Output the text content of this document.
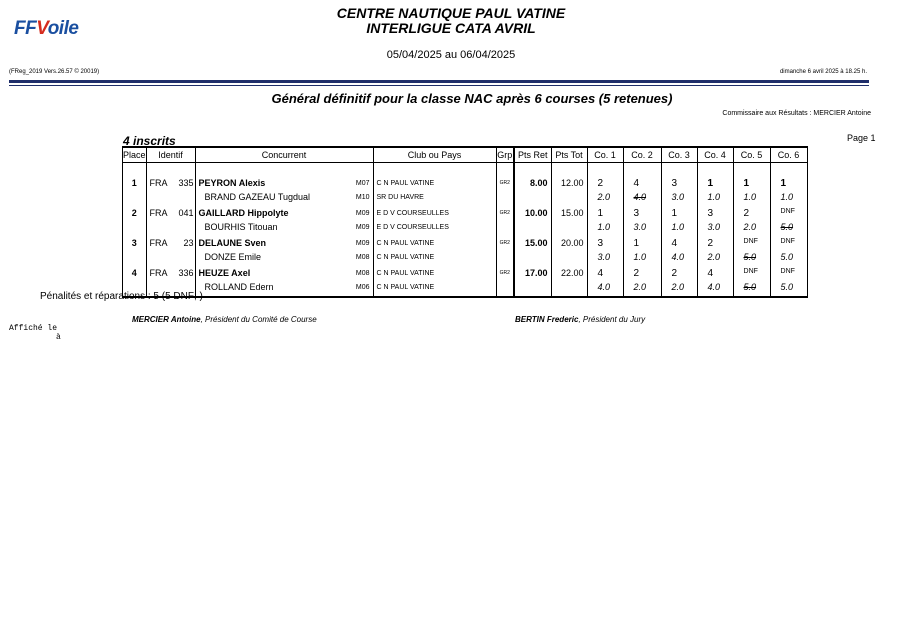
FFVoile
CENTRE NAUTIQUE PAUL VATINE
INTERLIGUE CATA AVRIL
05/04/2025 au 06/04/2025
(FReg_2019 Vers.26.57 © 20019)	dimanche 6 avril 2025 à 18.25 h.
Général définitif pour la classe NAC après 6 courses (5 retenues)
Commissaire aux Résultats : MERCIER Antoine
Page 1
4 inscrits
Place	Identif	Concurrent	Club ou Pays	Grp	Pts Ret	Pts Tot	Co. 1	Co. 2	Co. 3	Co. 4	Co. 5	Co. 6

1	FRA 335	PEYRON Alexis M07	C N PAUL VATINE	GR2	8.00	12.00	2	4	3	1	1	1
		BRAND GAZEAU Tugdual M10	SR DU HAVRE				2.0	4.0	3.0	1.0	1.0	1.0
2	FRA 041	GAILLARD Hippolyte M09	E D V COURSEULLES	GR2	10.00	15.00	1	3	1	3	2	DNF
		BOURHIS Titouan M09	E D V COURSEULLES				1.0	3.0	1.0	3.0	2.0	5.0
3	FRA 23	DELAUNE Sven M09	C N PAUL VATINE	GR2	15.00	20.00	3	1	4	2	DNF	DNF
		DONZE Emile M08	C N PAUL VATINE				3.0	1.0	4.0	2.0	5.0	5.0
4	FRA 336	HEUZE Axel M08	C N PAUL VATINE	GR2	17.00	22.00	4	2	2	4	DNF	DNF
		ROLLAND Edern M06	C N PAUL VATINE				4.0	2.0	2.0	4.0	5.0	5.0
Pénalités et réparations : 5 (5 DNF; )
MERCIER Antoine, Président du Comité de Course	BERTIN Frederic, Président du Jury
Affiché le
à
